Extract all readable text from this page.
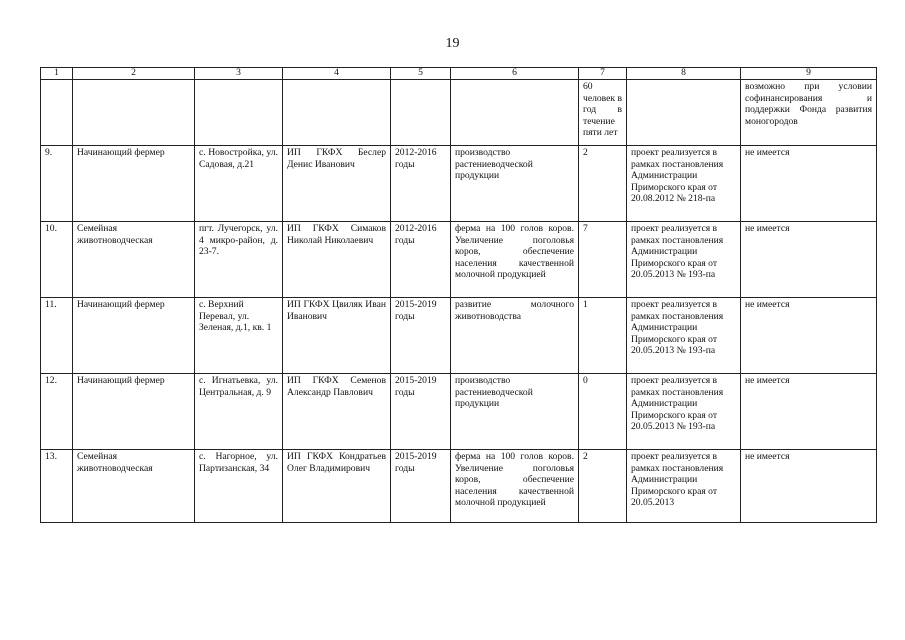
19
1	2	3	4	5	6	7	8	9
						60 человек в год в течение пяти лет		возможно при условии софинансирования и поддержки Фонда развития моногородов
9.	Начинающий фермер	с. Новостройка, ул. Садовая, д.21	ИП ГКФХ Беслер Денис Иванович	2012-2016 годы	производство растениеводческой продукции	2	проект реализуется в рамках постановления Администрации Приморского края от 20.08.2012 № 218-па	не имеется
10.	Семейная животноводческая	пгт. Лучегорск, ул. 4 микро-район, д. 23-7.	ИП ГКФХ Симаков Николай Николаевич	2012-2016 годы	ферма на 100 голов коров. Увеличение поголовья коров, обеспечение населения качественной молочной продукцией	7	проект реализуется в рамках постановления Администрации Приморского края от 20.05.2013 № 193-па	не имеется
11.	Начинающий фермер	с. Верхний Перевал, ул. Зеленая, д.1, кв. 1	ИП ГКФХ Цвиляк Иван Иванович	2015-2019 годы	развитие молочного животноводства	1	проект реализуется в рамках постановления Администрации Приморского края от 20.05.2013 № 193-па	не имеется
12.	Начинающий фермер	с. Игнатьевка, ул. Центральная, д. 9	ИП ГКФХ Семенов Александр Павлович	2015-2019 годы	производство растениеводческой продукции	0	проект реализуется в рамках постановления Администрации Приморского края от 20.05.2013 № 193-па	не имеется
13.	Семейная животноводческая	с. Нагорное, ул. Партизанская, 34	ИП ГКФХ Кондратьев Олег Владимирович	2015-2019 годы	ферма на 100 голов коров. Увеличение поголовья коров, обеспечение населения качественной молочной продукцией	2	проект реализуется в рамках постановления Администрации Приморского края от 20.05.2013	не имеется
